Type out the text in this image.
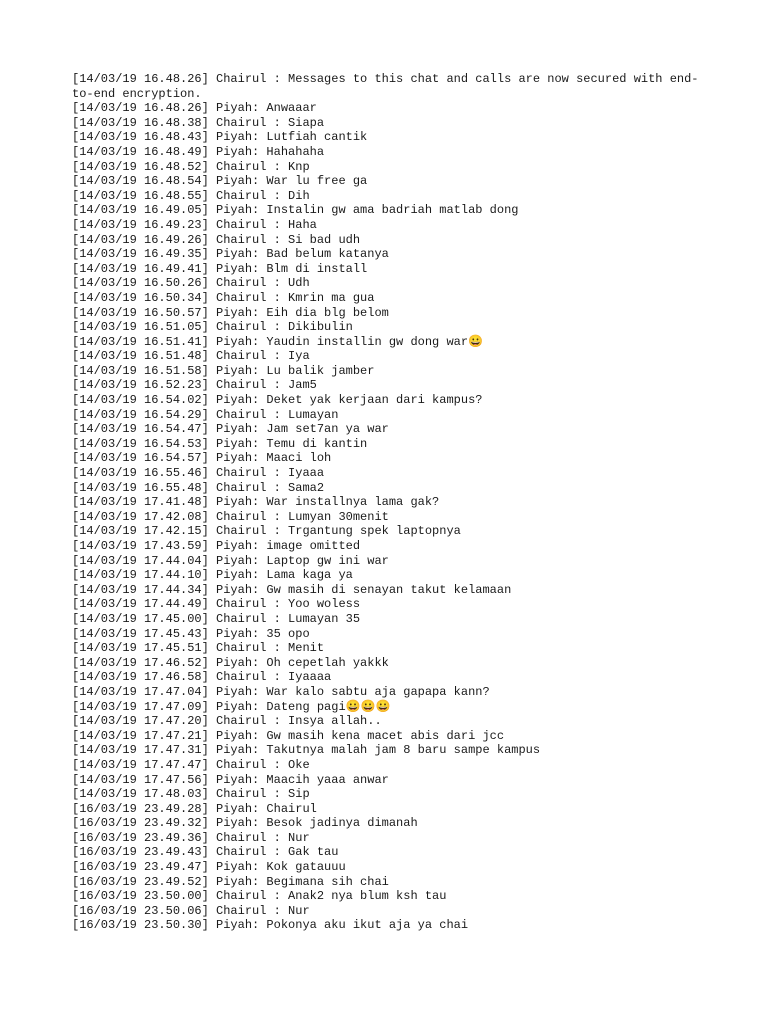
[14/03/19 16.48.26] Chairul : Messages to this chat and calls are now secured with end-to-end encryption.
[14/03/19 16.48.26] Piyah: Anwaaar
[14/03/19 16.48.38] Chairul : Siapa
[14/03/19 16.48.43] Piyah: Lutfiah cantik
[14/03/19 16.48.49] Piyah: Hahahaha
[14/03/19 16.48.52] Chairul : Knp
[14/03/19 16.48.54] Piyah: War lu free ga
[14/03/19 16.48.55] Chairul : Dih
[14/03/19 16.49.05] Piyah: Instalin gw ama badriah matlab dong
[14/03/19 16.49.23] Chairul : Haha
[14/03/19 16.49.26] Chairul : Si bad udh
[14/03/19 16.49.35] Piyah: Bad belum katanya
[14/03/19 16.49.41] Piyah: Blm di install
[14/03/19 16.50.26] Chairul : Udh
[14/03/19 16.50.34] Chairul : Kmrin ma gua
[14/03/19 16.50.57] Piyah: Eih dia blg belom
[14/03/19 16.51.05] Chairul : Dikibulin
[14/03/19 16.51.41] Piyah: Yaudin installin gw dong war😀
[14/03/19 16.51.48] Chairul : Iya
[14/03/19 16.51.58] Piyah: Lu balik jamber
[14/03/19 16.52.23] Chairul : Jam5
[14/03/19 16.54.02] Piyah: Deket yak kerjaan dari kampus?
[14/03/19 16.54.29] Chairul : Lumayan
[14/03/19 16.54.47] Piyah: Jam set7an ya war
[14/03/19 16.54.53] Piyah: Temu di kantin
[14/03/19 16.54.57] Piyah: Maaci loh
[14/03/19 16.55.46] Chairul : Iyaaa
[14/03/19 16.55.48] Chairul : Sama2
[14/03/19 17.41.48] Piyah: War installnya lama gak?
[14/03/19 17.42.08] Chairul : Lumyan 30menit
[14/03/19 17.42.15] Chairul : Trgantung spek laptopnya
[14/03/19 17.43.59] Piyah: image omitted
[14/03/19 17.44.04] Piyah: Laptop gw ini war
[14/03/19 17.44.10] Piyah: Lama kaga ya
[14/03/19 17.44.34] Piyah: Gw masih di senayan takut kelamaan
[14/03/19 17.44.49] Chairul : Yoo woless
[14/03/19 17.45.00] Chairul : Lumayan 35
[14/03/19 17.45.43] Piyah: 35 opo
[14/03/19 17.45.51] Chairul : Menit
[14/03/19 17.46.52] Piyah: Oh cepetlah yakkk
[14/03/19 17.46.58] Chairul : Iyaaaa
[14/03/19 17.47.04] Piyah: War kalo sabtu aja gapapa kann?
[14/03/19 17.47.09] Piyah: Dateng pagi😀😀😀
[14/03/19 17.47.20] Chairul : Insya allah..
[14/03/19 17.47.21] Piyah: Gw masih kena macet abis dari jcc
[14/03/19 17.47.31] Piyah: Takutnya malah jam 8 baru sampe kampus
[14/03/19 17.47.47] Chairul : Oke
[14/03/19 17.47.56] Piyah: Maacih yaaa anwar
[14/03/19 17.48.03] Chairul : Sip
[16/03/19 23.49.28] Piyah: Chairul
[16/03/19 23.49.32] Piyah: Besok jadinya dimanah
[16/03/19 23.49.36] Chairul : Nur
[16/03/19 23.49.43] Chairul : Gak tau
[16/03/19 23.49.47] Piyah: Kok gatauuu
[16/03/19 23.49.52] Piyah: Begimana sih chai
[16/03/19 23.50.00] Chairul : Anak2 nya blum ksh tau
[16/03/19 23.50.06] Chairul : Nur
[16/03/19 23.50.30] Piyah: Pokonya aku ikut aja ya chai
